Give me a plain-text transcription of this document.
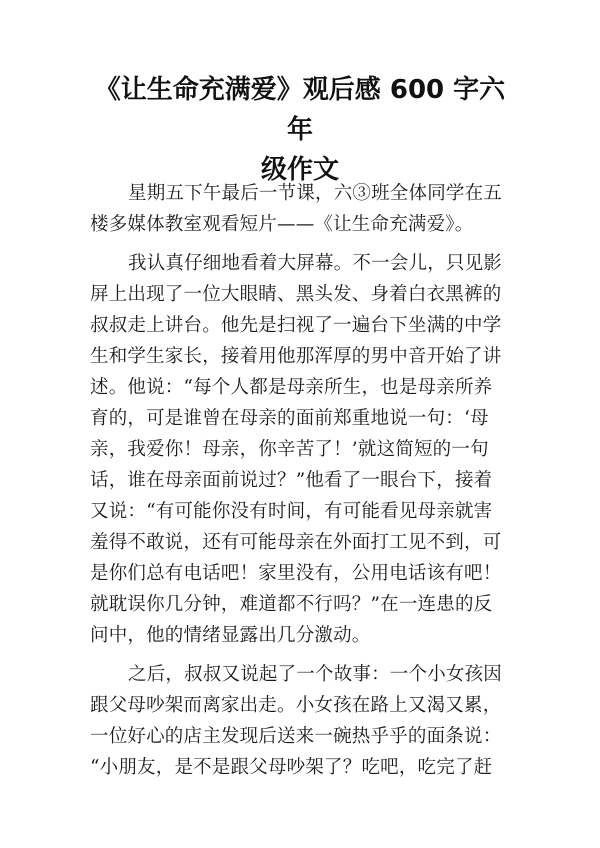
《让生命充满爱》观后感 600 字六年
级作文

星期五下午最后一节课，六③班全体同学在五
楼多媒体教室观看短片——《让生命充满爱》。

我认真仔细地看着大屏幕。不一会儿，只见影
屏上出现了一位大眼睛、黑头发、身着白衣黑裤的
叔叔走上讲台。他先是扫视了一遍台下坐满的中学
生和学生家长，接着用他那浑厚的男中音开始了讲
述。他说：“每个人都是母亲所生，也是母亲所养
育的，可是谁曾在母亲的面前郑重地说一句：‘母
亲，我爱你！母亲，你辛苦了！’就这简短的一句
话，谁在母亲面前说过？”他看了一眼台下，接着
又说：“有可能你没有时间，有可能看见母亲就害
羞得不敢说，还有可能母亲在外面打工见不到，可
是你们总有电话吧！家里没有，公用电话该有吧！
就耽误你几分钟，难道都不行吗？”在一连患的反
问中，他的情绪显露出几分激动。

之后，叔叔又说起了一个故事：一个小女孩因
跟父母吵架而离家出走。小女孩在路上又渴又累，
一位好心的店主发现后送来一碗热乎乎的面条说：
“小朋友，是不是跟父母吵架了？吃吧，吃完了赶
